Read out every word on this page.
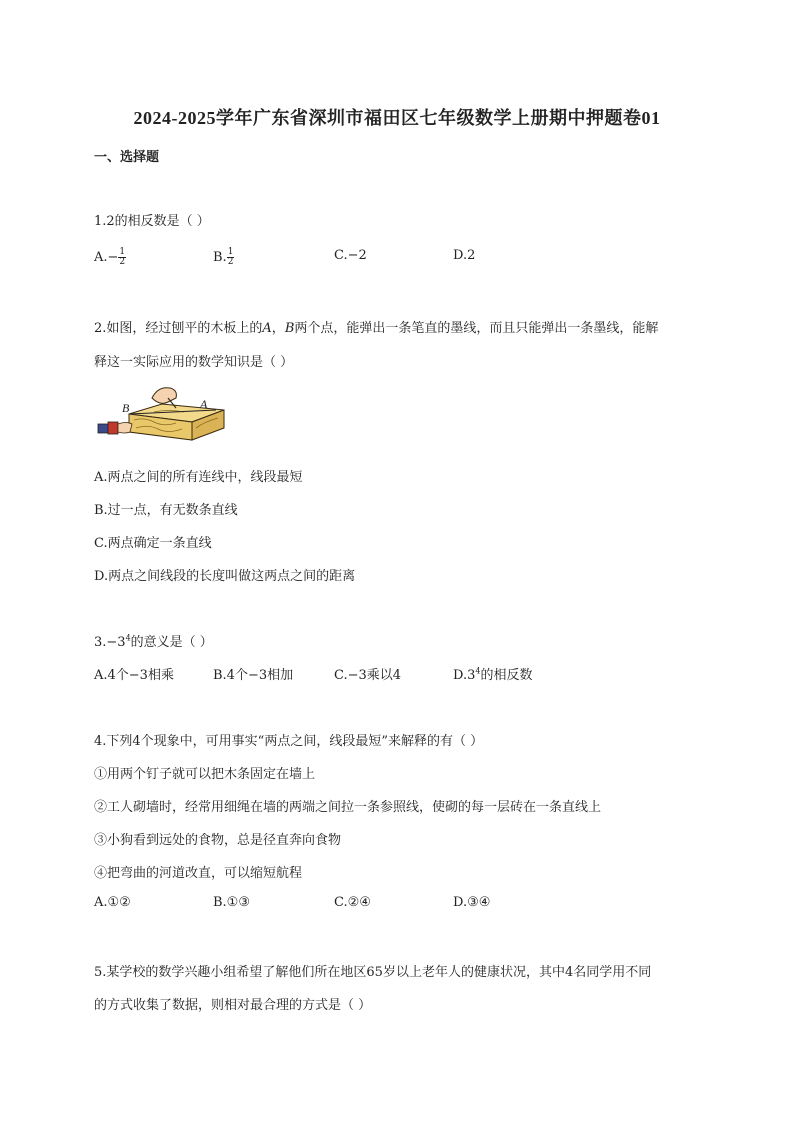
2024-2025学年广东省深圳市福田区七年级数学上册期中押题卷01
一、选择题
1.2的相反数是（ ）
$A.- \frac{1}{2}$	B. $\frac{1}{2}$	C.−2	D.2
2.如图，经过刨平的木板上的A，B两个点，能弹出一条笔直的墨线，而且只能弹出一条墨线，能解
释这一实际应用的数学知识是（ ）
B	A
A.两点之间的所有连线中，线段最短
B.过一点，有无数条直线
C.两点确定一条直线
D.两点之间线段的长度叫做这两点之间的距离
$3.-3^4$的意义是（ ）
A.4个−3相乘	B.4个−3相加	C.−3乘以4	$D.3^4$的相反数
4.下列4个现象中，可用事实“两点之间，线段最短”来解释的有（ ）
①用两个钉子就可以把木条固定在墙上
②工人砌墙时，经常用细绳在墙的两端之间拉一条参照线，使砌的每一层砖在一条直线上
③小狗看到远处的食物，总是径直奔向食物
④把弯曲的河道改直，可以缩短航程
A.①②	B.①③	C.②④	D.③④
5.某学校的数学兴趣小组希望了解他们所在地区65岁以上老年人的健康状况，其中4名同学用不同
的方式收集了数据，则相对最合理的方式是（ ）
